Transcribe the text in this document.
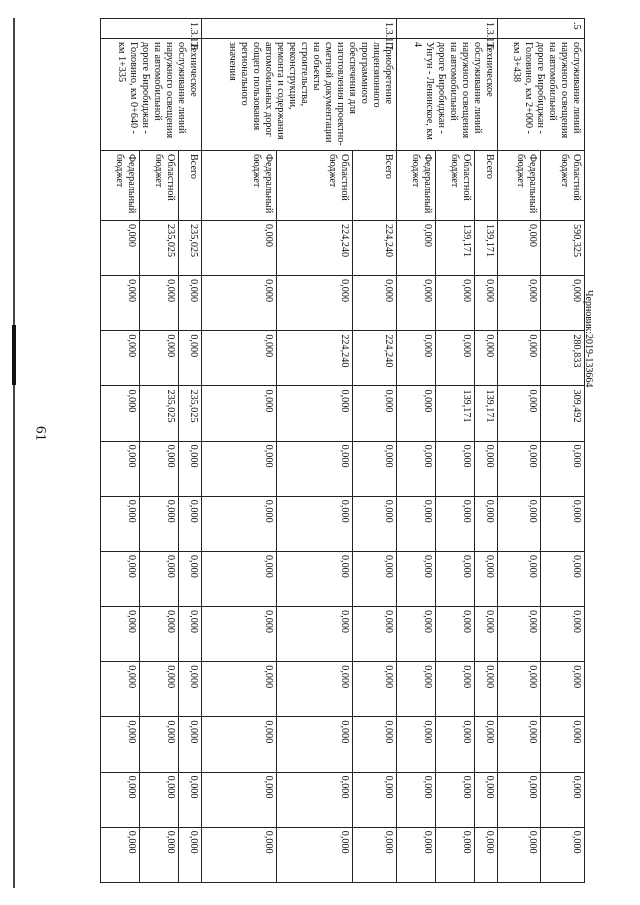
61
Черновик:2019-133664
.5	обслуживание линий наружного освещения на автомобильной дороге Биробиджан - Головино, км 2+000 - км 3+438	Областной бюджет	590,325	0,000	280,833	309,492	0,000	0,000	0,000	0,000	0,000	0,000	0,000	0,000
		Федеральный бюджет	0,000	0,000	0,000	0,000	0,000	0,000	0,000	0,000	0,000	0,000	0,000	0,000
1.3.1.6	Техническое обслуживание линий наружного освещения на автомобильной дороге Биробиджан - Унгун - Ленинское, км 4	Всего	139,171	0,000	0,000	139,171	0,000	0,000	0,000	0,000	0,000	0,000	0,000	0,000
		Областной бюджет	139,171	0,000	0,000	139,171	0,000	0,000	0,000	0,000	0,000	0,000	0,000	0,000
		Федеральный бюджет	0,000	0,000	0,000	0,000	0,000	0,000	0,000	0,000	0,000	0,000	0,000	0,000
1.3.1.7	Приобретение лицензионного программного обеспечения для изготовления проектно-сметной документации на объекты строительства, реконструкции, ремонта и содержания автомобильных дорог общего пользования регионального значения	Всего	224,240	0,000	224,240	0,000	0,000	0,000	0,000	0,000	0,000	0,000	0,000	0,000
		Областной бюджет	224,240	0,000	224,240	0,000	0,000	0,000	0,000	0,000	0,000	0,000	0,000	0,000
		Федеральный бюджет	0,000	0,000	0,000	0,000	0,000	0,000	0,000	0,000	0,000	0,000	0,000	0,000
1.3.1.8	Техническое обслуживание линий наружного освещения на автомобильной дороге Биробиджан - Головино, км 0+640 - км 1+335	Всего	235,025	0,000	0,000	235,025	0,000	0,000	0,000	0,000	0,000	0,000	0,000	0,000
		Областной бюджет	235,025	0,000	0,000	235,025	0,000	0,000	0,000	0,000	0,000	0,000	0,000	0,000
		Федеральный бюджет	0,000	0,000	0,000	0,000	0,000	0,000	0,000	0,000	0,000	0,000	0,000	0,000
